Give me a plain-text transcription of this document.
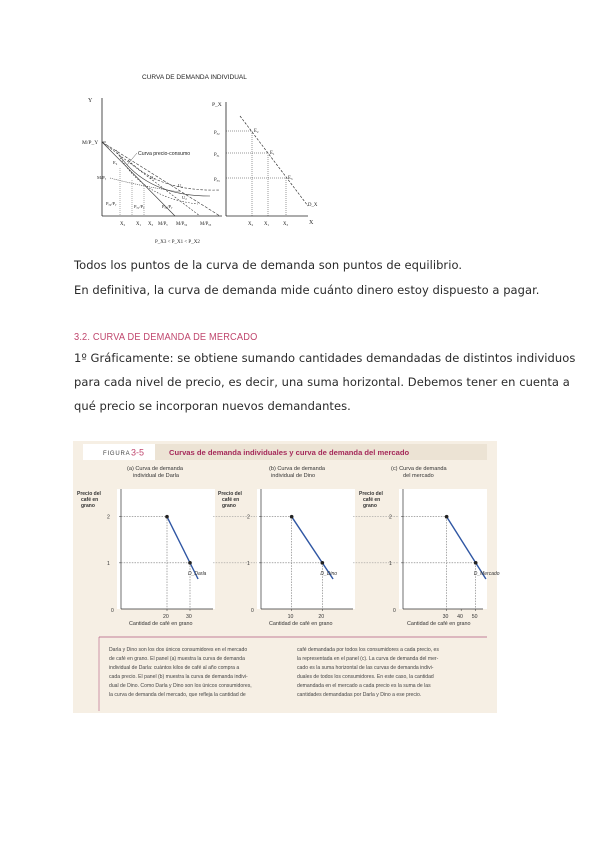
CURVA DE DEMANDA INDIVIDUAL
Y
M/P_Y
Curva precio-consumo
E₂
M/Pᵧ	U₃
U₁
U₂
Pₓ₂/Pᵧ
Pₓ₁/Pᵧ	Pₓ₃/Pᵧ
X₂ X₁ X₃ M/Pₓ M/Pₓ₂	M/Pₓ₃
P_X3 < P_X1 < P_X2
P_X
X
Pₓ₂
Pₓ₁
Pₓ₃
E₂
E₁
E₃
D_X
X₂ X₁	X₃
Todos los puntos de la curva de demanda son puntos de equilibrio.
En definitiva, la curva de demanda mide cuánto dinero estoy dispuesto a pagar.
3.2. CURVA DE DEMANDA DE MERCADO
1º Gráficamente: se obtiene sumando cantidades demandadas de distintos individuos
para cada nivel de precio, es decir, una suma horizontal. Debemos tener en cuenta a
qué precio se incorporan nuevos demandantes.
FIGURA 3-5	Curvas de demanda individuales y curva de demanda del mercado
(a) Curva de demanda
individual de Darla
(b) Curva de demanda
individual de Dino
(c) Curva de demanda
del mercado
Precio del
café en
grano
Precio del
café en
grano
Precio del
café en
grano
0
1
2
20	30
D_Darla
0
1
2
10	20
D_Dino
0
1
2
30 40 50
D_Mercado
Cantidad de café en grano	Cantidad de café en grano	Cantidad de café en grano
Darla y Dino son los dos únicos consumidores en el mercado
de café en grano. El panel (a) muestra la curva de demanda
individual de Darla: cuántos kilos de café al año compra a
cada precio. El panel (b) muestra la curva de demanda indivi-
dual de Dino. Como Darla y Dino son los únicos consumidores,
la curva de demanda del mercado, que refleja la cantidad de
café demandada por todos los consumidores a cada precio, es
la representada en el panel (c). La curva de demanda del mer-
cado es la suma horizontal de las curvas de demanda indivi-
duales de todos los consumidores. En este caso, la cantidad
demandada en el mercado a cada precio es la suma de las
cantidades demandadas por Darla y Dino a ese precio.
